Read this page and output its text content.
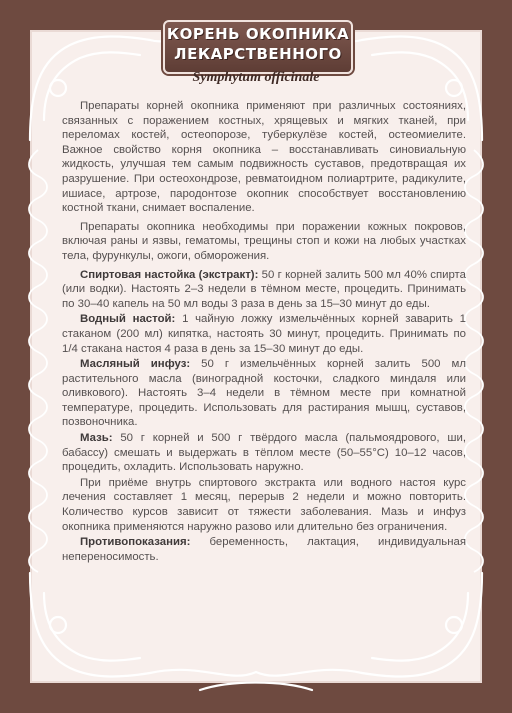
КОРЕНЬ ОКОПНИКА
ЛЕКАРСТВЕННОГО
Symphytum officinale

Препараты корней окопника применяют при различных состояниях, связанных с поражением костных, хрящевых и мягких тканей, при переломах костей, остеопорозе, туберкулёзе костей, остеомиелите. Важное свойство корня окопника – восстанавливать синовиальную жидкость, улучшая тем самым подвижность суставов, предотвращая их разрушение. При остеохондрозе, ревматоидном полиартрите, радикулите, ишиасе, артрозе, пародонтозе окопник способствует восстановлению костной ткани, снимает воспаление.

Препараты окопника необходимы при поражении кожных покровов, включая раны и язвы, гематомы, трещины стоп и кожи на любых участках тела, фурункулы, ожоги, обморожения.

Спиртовая настойка (экстракт): 50 г корней залить 500 мл 40% спирта (или водки). Настоять 2–3 недели в тёмном месте, процедить. Принимать по 30–40 капель на 50 мл воды 3 раза в день за 15–30 минут до еды.

Водный настой: 1 чайную ложку измельчённых корней заварить 1 стаканом (200 мл) кипятка, настоять 30 минут, процедить. Принимать по 1/4 стакана настоя 4 раза в день за 15–30 минут до еды.

Масляный инфуз: 50 г измельчённых корней залить 500 мл растительного масла (виноградной косточки, сладкого миндаля или оливкового). Настоять 3–4 недели в тёмном месте при комнатной температуре, процедить. Использовать для растирания мышц, суставов, позвоночника.

Мазь: 50 г корней и 500 г твёрдого масла (пальмоядрового, ши, бабассу) смешать и выдержать в тёплом месте (50–55°С) 10–12 часов, процедить, охладить. Использовать наружно.

При приёме внутрь спиртового экстракта или водного настоя курс лечения составляет 1 месяц, перерыв 2 недели и можно повторить. Количество курсов зависит от тяжести заболевания. Мазь и инфуз окопника применяются наружно разово или длительно без ограничения.

Противопоказания: беременность, лактация, индивидуальная непереносимость.
